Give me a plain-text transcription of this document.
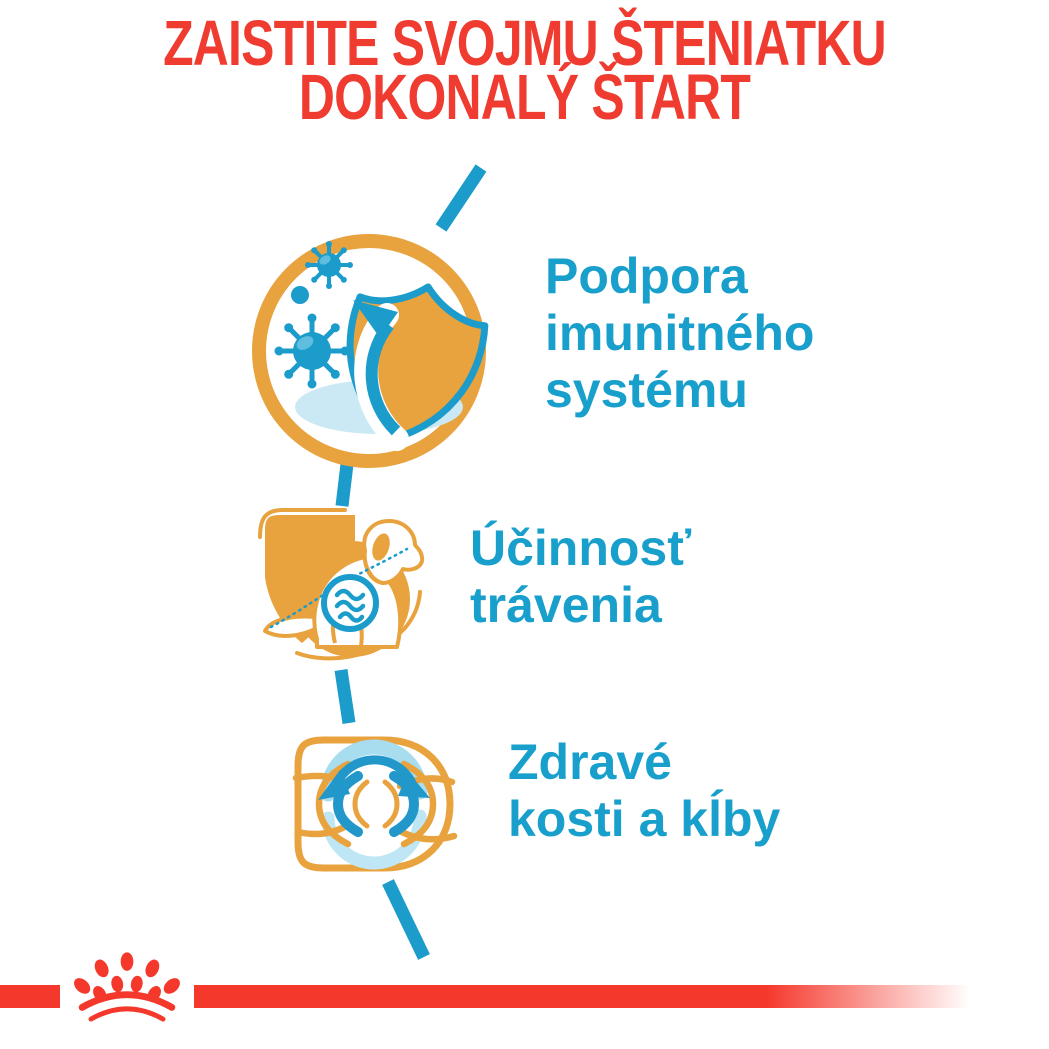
ZAISTITE SVOJMU ŠTENIATKU
DOKONALÝ ŠTART
Podpora
imunitného
systému
Účinnosť
trávenia
Zdravé
kosti a kĺby
